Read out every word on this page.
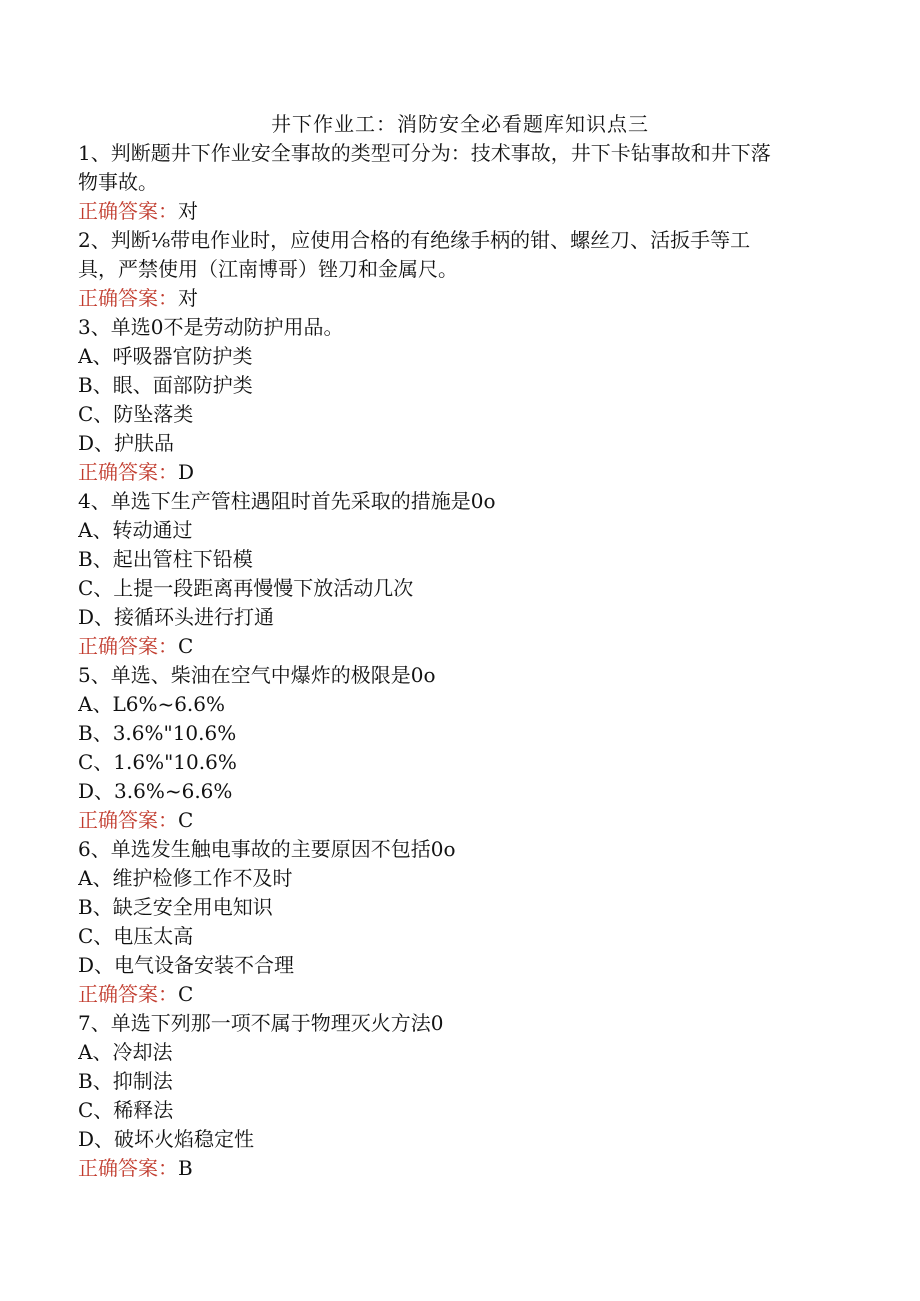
井下作业工：消防安全必看题库知识点三
1、判断题井下作业安全事故的类型可分为：技术事故，井下卡钻事故和井下落
物事故。
正确答案：对
2、判断⅛带电作业时，应使用合格的有绝缘手柄的钳、螺丝刀、活扳手等工
具，严禁使用（江南博哥）锉刀和金属尺。
正确答案：对
3、单选0不是劳动防护用品。
A、呼吸器官防护类
B、眼、面部防护类
C、防坠落类
D、护肤品
正确答案：D
4、单选下生产管柱遇阻时首先采取的措施是0o
A、转动通过
B、起出管柱下铅模
C、上提一段距离再慢慢下放活动几次
D、接循环头进行打通
正确答案：C
5、单选、柴油在空气中爆炸的极限是0o
A、L6%~6.6%
B、3.6%"10.6%
C、1.6%"10.6%
D、3.6%~6.6%
正确答案：C
6、单选发生触电事故的主要原因不包括0o
A、维护检修工作不及时
B、缺乏安全用电知识
C、电压太高
D、电气设备安装不合理
正确答案：C
7、单选下列那一项不属于物理灭火方法0
A、冷却法
B、抑制法
C、稀释法
D、破坏火焰稳定性
正确答案：B
